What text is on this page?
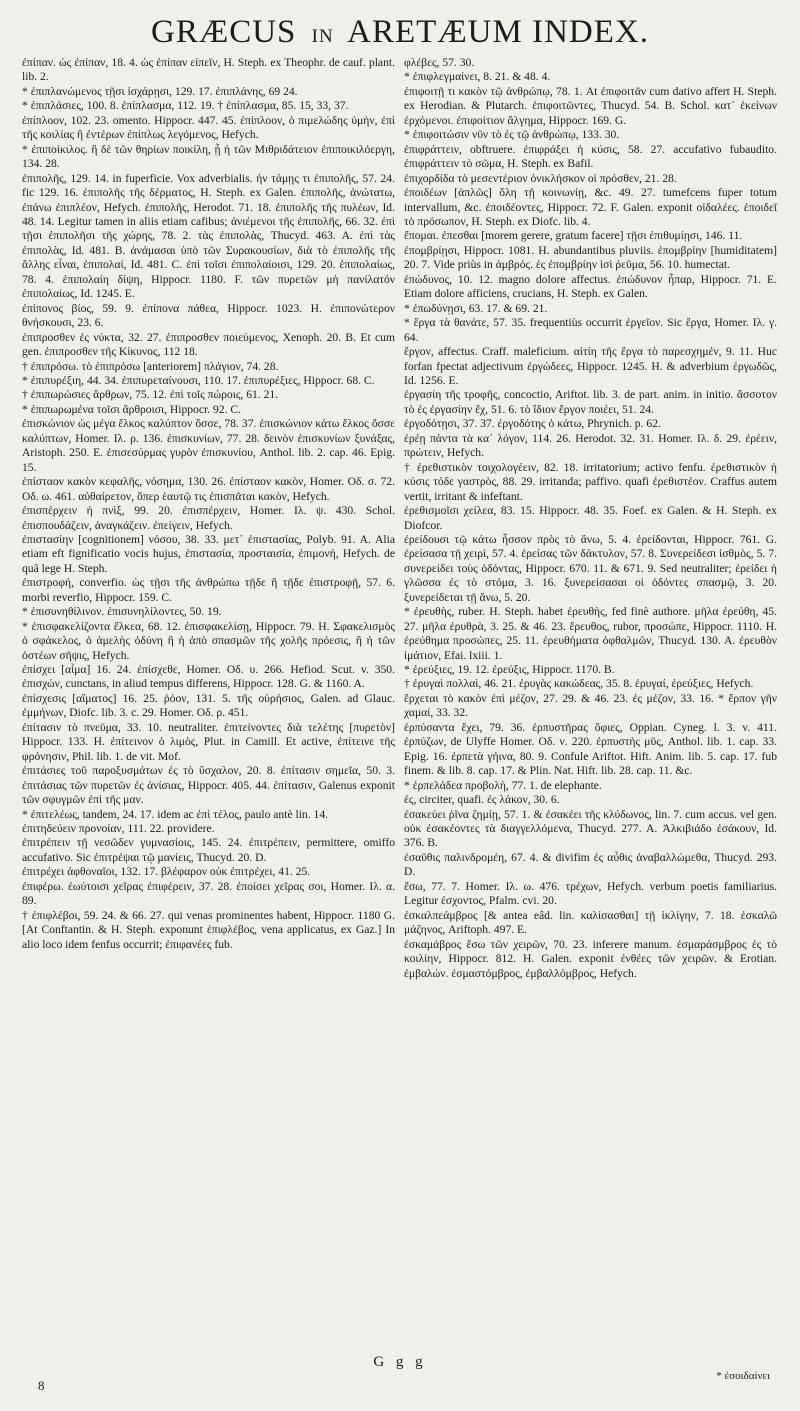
GRÆCUS IN ARETÆUM INDEX.

ἐπίπαν. ὡς ἐπίπαν, 18. 4. ὡς ἐπίπαν εἰπεῖν, H. Steph. ex Theophr. de cauf. plant. lib. 2.

* ἐπιπλανώμενος τῇσι ἰσχάρῃσι, 129. 17. ἐπιπλάνης, 69 24.

* ἐπιπλάσιες, 100. 8. ἐπίπλασμα, 112. 19. † ἐπίπλασμα, 85. 15, 33, 37.

ἐπίπλοον, 102. 23. omento. Hippocr. 447. 45. ἐπίπλοον, ὁ πιμελώδης ὑμὴν, ἐπὶ τῆς κοιλίας ἢ ἐντέρων ἐπίπλως λεγόμενος, Hefych.

* ἐπιποίκιλος. ἢ δὲ τῶν θηρίων ποικίλη, ᾗ ἡ τῶν Μιθριδάτειον ἐπιποικιλόεργη, 134. 28.

ἐπιπολῆς, 129. 14. in fuperficie. Vox adverbialis. ἡν τάμῃς τι ἐπιπολῆς, 57. 24. fic 129. 16. ἐπιπολῆς τῆς δέρματος, H. Steph. ex Galen. ἐπιπολῆς, ἀνώτατω, ἐπάνω ἐπιπλέον, Hefych. ἐπιπολῆς, Herodot. 71. 18. ἐπιπολῆς τῆς πυλέων, Id. 48. 14. Legitur tamen in aliis etiam cafibus; ἀνιέμενοι τῆς ἐπιπολῆς, 66. 32. ἐπὶ τῇσι ἐπιπολῆσι τῆς χώρης, 78. 2. τὰς ἐπιπολὰς, Thucyd. 463. A. ἐπὶ τὰς ἐπιπολὰς, Id. 481. B. ἀνάμασαι ὑπὸ τῶν Συρακουσίων, διὰ τὸ ἐπιπολῆς τῆς ἄλλης εἶναι, ἐπιπολαί, Id. 481. C. ἐπὶ τοῖσι ἐπιπολαίοισι, 129. 20. ἐπιπολαίως, 78. 4. ἐπιπολαίη δίψη, Hippocr. 1180. F. τῶν πυρετῶν μὴ πανίλατόν ἐπιπολαίως, Id. 1245. E.

ἐπίπονος βίος, 59. 9. ἐπίπονα πάθεα, Hippocr. 1023. H. ἐπιπονώτερον θνήσκουσι, 23. 6.

ἐπιπροσθεν ἐς νύκτα, 32. 27. ἐπιπροσθεν ποιεύμενος, Xenoph. 20. B. Et cum gen. ἐπιπροσθεν τῆς Κίκυνος, 112 18.

† ἐπιπρόσω. τὸ ἐπιπρόσω [anteriorem] πλάγιον, 74. 28.

* ἐπιπυρέξιη, 44. 34. ἐπιπυρεταίνουσι, 110. 17. ἐπιπυρέξιες, Hippocr. 68. C.

† ἐπιπωρώσιες ἄρθρων, 75. 12. ἐπὶ τοῖς πώροις, 61. 21.

* ἐπιπωρωμένα τοῖσι ἄρθροισι, Hippocr. 92. C.

ἐπισκώνιον ὡς μέγα ἕλκος καλύπτον ὄσσε, 78. 37. ἐπισκώνιον κάτω ἕλκος ὄσσε καλύπτων, Homer. Iλ. ρ. 136. ἐπισκυνίων, 77. 28. δεινὸν ἐπισκυνίων ξυνάξας, Aristoph. 250. E. ἐπισεσύρμας γυρὸν ἐπισκυνίου, Anthol. lib. 2. cap. 46. Epig. 15.

ἐπίσταον κακὸν κεφαλῆς, νόσημα, 130. 26. ἐπίσταον κακὸν, Homer. Οδ. σ. 72. Οδ. ω. 461. αὐθαίρετον, ὅπερ ἑαυτῷ τις ἐπισπᾶται κακὸν, Hefych.

ἐπισπέρχειν ἡ πνὶξ, 99. 20. ἐπισπέρχειν, Homer. Iλ. ψ. 430. Schol. ἐπισπουδάζειν, ἀναγκάζειν. ἐπείγειν, Hefych.

ἐπιστασίην [cognitionem] νόσου, 38. 33. μετ᾽ ἐπιστασίας, Polyb. 91. A. Alia etiam eft fignificatio vocis hujus, ἐπιστασία, προσταισία, ἐπιμονή, Hefych. de quâ lege H. Steph.

ἐπιστροφή, converfio. ὡς τῇσι τῆς ἀνθρώπω τῇδε ἢ τῇδε ἐπιστροφῇ, 57. 6. morbi reverfio, Hippocr. 159. C.

* ἐπισυνηθίλινον. ἐπισυνηλίλοντες, 50. 19.

* ἐπισφακελίζοντα ἕλκεα, 68. 12. ἐπισφακελίσῃ, Hippocr. 79. H. Σφακελισμὸς ὁ σφάκελος, ὁ ἀμελὴς ὀδύνη ἢ ἡ ἀπὸ σπασμῶν τῆς χολῆς πρόεσις, ἢ ἡ τῶν ὀστέων σῆψις, Hefych.

ἐπίσχει [αἷμα] 16. 24. ἐπίσχεθε, Homer. Οδ. υ. 266. Hefiod. Scut. v. 350. ἐπισχών, cunctans, in aliud tempus differens, Hippocr. 128. G. & 1160. A.

ἐπίσχεσις [αἵματος] 16. 25. ῥόον, 131. 5. τῆς οὐρήσιος, Galen. ad Glauc. ἐμμήνων, Diofc. lib. 3. c. 29. Homer. Οδ. ρ. 451.

ἐπίτασιν τὸ πνεῦμα, 33. 10. neutraliter. ἐπιτείνοντες διὰ τελέτης [πυρετὸν] Hippocr. 133. H. ἐπίτεινον ὁ λιμὸς, Plut. in Camill. Et active, ἐπίτεινε τῆς φρόνησιν, Phil. lib. 1. de vit. Mof.

ἐπιτάσιες τοῦ παροξυσμάτων ἐς τὸ ὕσχαλον, 20. 8. ἐπίτασιν σημεῖα, 50. 3. ἐπιτάσιας τῶν πυρετῶν ἐς ἀνίσιας, Hippocr. 405. 44. ἐπίτασιν, Galenus exponit τῶν σφυγμῶν ἐπὶ τῆς μαν.

* ἐπιτελέως, tandem, 24. 17. idem ac ἐπὶ τέλος, paulo antè lin. 14.

ἐπιτηδεύειν προνοίαν, 111. 22. providere.

ἐπιτρέπειν τῇ νεσῶδεν γυμνασίοις, 145. 24. ἐπιτρέπειν, permittere, omiffo accufativo. Sic ἐπιτρέψαι τῷ μανίεις, Thucyd. 20. D.

ἐπιτρέχει ἀφθοναῖοι, 132. 17. βλέφαρον οὐκ ἐπιτρέχει, 41. 25.

ἐπιφέρω. ἐωύτοισι χεῖρας ἐπιφέρειν, 37. 28. ἐποίσει χεῖρας σοι, Homer. Iλ. α. 89.

† ἐπιφλέβοι, 59. 24. & 66. 27. qui venas prominentes habent, Hippocr. 1180 G. [At Conftantin. & H. Steph. exponunt ἐπιφλέβος, vena applicatus, ex Gaz.] In alio loco idem fenfus occurrit; ἐπιφανέες fub.

φλέβες, 57. 30.

* ἐπιφλεγμαίνει, 8. 21. & 48. 4.

ἐπιφοιτῇ τι κακὸν τῷ ἀνθρώπῳ, 78. 1. At ἐπιφοιτᾶν cum dativo affert H. Steph. ex Herodian. & Plutarch. ἐπιφοιτῶντες, Thucyd. 54. B. Schol. κατ᾽ ἐκείνων ἐρχόμενοι. ἐπιφοίτιον ἄλγημα, Hippocr. 169. G.

* ἐπιφοιτώσιν νῦν τὸ ἐς τῷ ἀνθρώπῳ, 133. 30.

ἐπιφράττειν, obftruere. ἐπιφράξει ἡ κύσις, 58. 27. accufativo fubaudito. ἐπιφράττειν τὸ σῶμα, H. Steph. ex Bafil.

ἐπιχορδίδα τὸ μεσεντέριον ὀνικλήσκον οἱ πρόσθεν, 21. 28.

ἐποιδέων [ἀπλῶς] ὅλη τῇ κοινωνίῃ, &c. 49. 27. tumefcens fuper totum intervallum, &c. ἐποιδέοντες, Hippocr. 72. F. Galen. exponit οἰδαλέες. ἐποιδεῖ τὸ πρόσωπον, H. Steph. ex Diofc. lib. 4.

ἔπομαι. ἐπεσθαι [morem gerere, gratum facere] τῇσι ἐπιθυμίῃσι, 146. 11.

ἐπομβρίῃσι, Hippocr. 1081. H. abundantibus pluviis. ἐπομβρίην [humiditatem] 20. 7. Vide priùs in ἀμβρός. ἐς ἐπομβρίην ἰσὶ ῥεῦμα, 56. 10. humectat.

ἐπώδυνος, 10. 12. magno dolore affectus. ἐπώδυνον ἧπαρ, Hippocr. 71. E. Etiam dolore afficiens, crucians, H. Steph. ex Galen.

* ἐπωδύνῃσι, 63. 17. & 69. 21.

* ἔργα τὰ θανάτε, 57. 35. frequentiùs occurrit ἐργεῖον. Sic ἔργα, Homer. Iλ. γ. 64.

ἔργον, affectus. Craff. maleficium. αἰτίη τῆς ἔργα τὸ παρεσχημέν, 9. 11. Huc forfan fpectat adjectivum ἐργώδεες, Hippocr. 1245. H. & adverbium ἐργωδῶς, Id. 1256. E.

ἐργασίη τῆς τροφῆς, concoctio, Ariftot. lib. 3. de part. anim. in initio. ἄσσοτον τὸ ἐς ἐργασίην ἔχ, 51. 6. τὸ ἴδιον ἔργον ποιέει, 51. 24.

ἐργοδότῃσι, 37. 37. ἐργοδότης ὁ κάτω, Phrynich. p. 62.

ἐρέῃ πάντα τὰ κα᾽ λόγον, 114. 26. Herodot. 32. 31. Homer. Iλ. δ. 29. ἐρέειν, πρώτειν, Hefych.

† ἐρεθιστικὸν τοιχολογέειν, 82. 18. irritatorium; activo fenfu. ἐρεθιστικὸν ἡ κύσις τόδε γαστρὸς, 88. 29. irritanda; paffivo. quafi ἐρεθιστέον. Craffus autem vertit, irritant & infeftant.

ἐρεθισμοῖσι χείλεα, 83. 15. Hippocr. 48. 35. Foef. ex Galen. & H. Steph. ex Diofcor.

ἐρείδουσι τῷ κάτω ἦσσον πρὸς τὸ ἄνω, 5. 4. ἐρείδονται, Hippocr. 761. G. ἐρείσασα τῇ χειρὶ, 57. 4. ἐρείσας τῶν δάκτυλον, 57. 8. Συνερείδεσι ἰσθμὸς, 5. 7. συνερείδει τοὺς ὀδόντας, Hippocr. 670. 11. & 671. 9. Sed neutraliter; ἐρείδει ἡ γλῶσσα ἐς τὸ στόμα, 3. 16. ξυνερείσασαι οἱ ὀδόντες σπασμῷ, 3. 20. ξυνερείδεται τῇ ἄνω, 5. 20.

* ἐρευθὴς, ruber. H. Steph. habet ἐρευθὴς, fed finè authore. μῆλα ἐρεύθη, 45. 27. μῆλα ἐρυθρὰ, 3. 25. & 46. 23. ἔρευθος, rubor, προσώπε, Hippocr. 1110. H. ἐρεύθημα προσώπες, 25. 11. ἐρευθήματα ὀφθαλμῶν, Thucyd. 130. A. ἐρευθὸν ἱμάτιον, Efai. lxiii. 1.

* ἐρεύξιες, 19. 12. ἐρεύξις, Hippocr. 1170. B.

† ἐρυγαὶ πολλαὶ, 46. 21. ἐρυγὰς κακώδεας, 35. 8. ἐρυγαί, ἐρεύξιες, Hefych.

ἔρχεται τὸ κακὸν ἐπὶ μέζον, 27. 29. & 46. 23. ἐς μέζον, 33. 16. * ἔρπον γῆν χαμαί, 33. 32.

ἐρπύσαντα ἔχει, 79. 36. ἐρπυστῆρας ὄφιες, Oppian. Cyneg. l. 3. v. 411. ἐρπύζων, de Ulyffe Homer. Οδ. ν. 220. ἐρπυστὴς μῦς, Anthol. lib. 1. cap. 33. Epig. 16. ἐρπετὰ γήινα, 80. 9. Confule Ariftot. Hift. Anim. lib. 5. cap. 17. fub finem. & lib. 8. cap. 17. & Plin. Nat. Hift. lib. 28. cap. 11. &c.

* ἐρπελάδεα προβολὴ, 77. 1. de elephante.

ἐς, circiter, quafi. ἐς λάκον, 30. 6.

ἐσακεύει ῥῖνα ζημίῃ, 57. 1. & ἐσακέει τῆς κλύδωνος, lin. 7. cum accus. vel gen. οὐκ ἐσακέοντες τὰ διαγγελλόμενα, Thucyd. 277. A. Ἀλκιβιάδο ἐσάκουν, Id. 376. B.

ἐσαῦθις παλινδρομέη, 67. 4. & divifim ἐς αὖθις ἀναβαλλώμεθα, Thucyd. 293. D.

ἔσω, 77. 7. Homer. Iλ. ω. 476. τρέχων, Hefych. verbum poetis familiarius. Legitur ἐσχοντος, Pfalm. cvi. 20.

ἐσκαλπεάμβρος [& antea eâd. lin. καλίσασθαι] τῇ ἰκλίγην, 7. 18. ἐσκαλῶ μάζηνος, Ariftoph. 497. E.

ἐσκαμάβρος ἔσω τῶν χειρῶν, 70. 23. inferere manum. ἐσμαράσμβρος ἐς τὸ κοιλίην, Hippocr. 812. H. Galen. exponit ἐνθέες τῶν χειρῶν. & Erotian. ἐμβαλών. ἐσμαστόμβρος, ἐμβαλλόμβρος, Hefych.

G g g
* ἐσοιδαίνει
8
